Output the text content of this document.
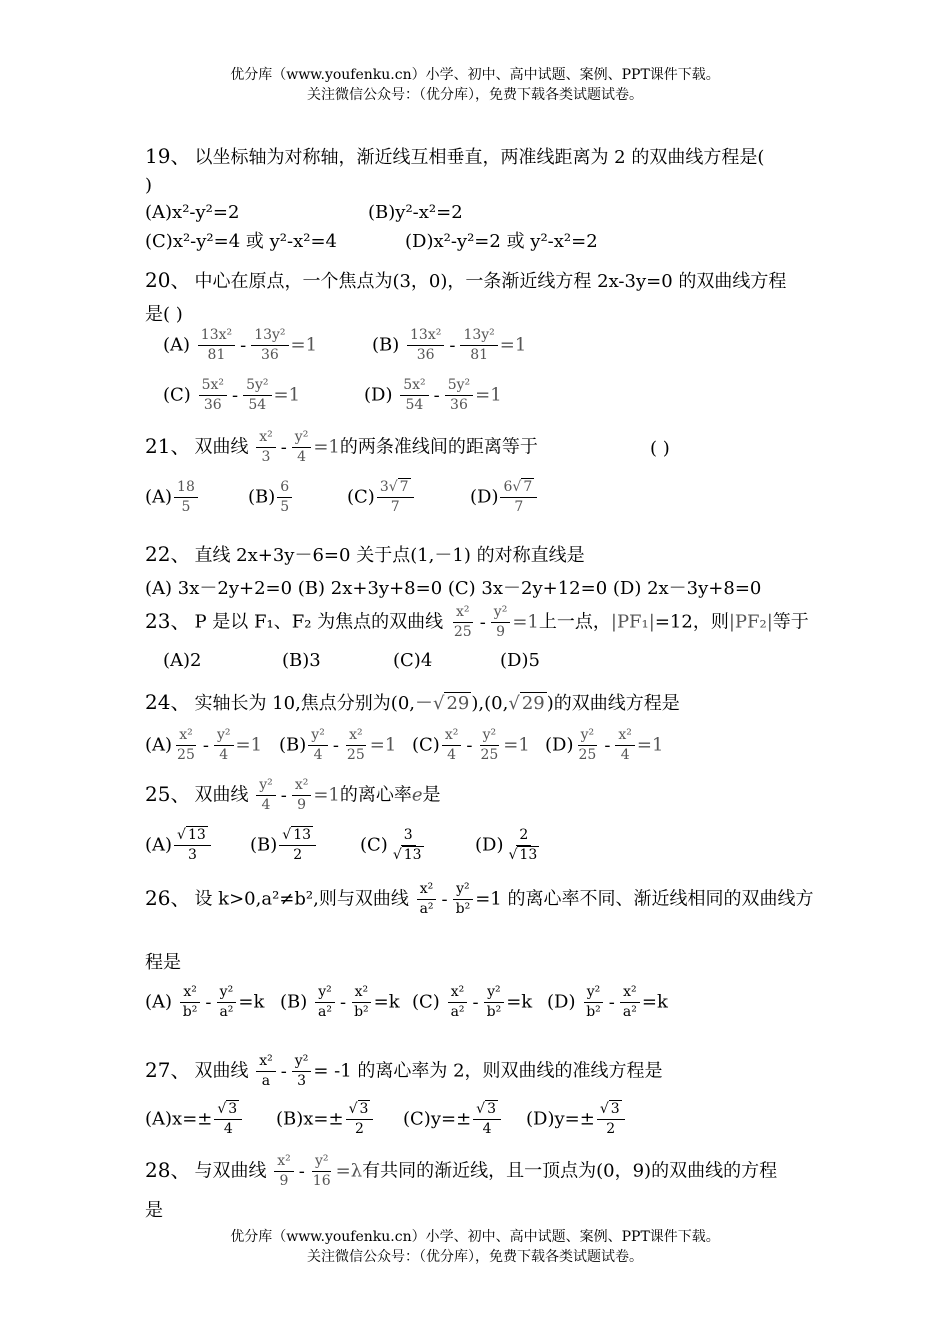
优分库（www.youfenku.cn）小学、初中、高中试题、案例、PPT课件下载。
关注微信公众号：（优分库），免费下载各类试题试卷。
19、 以坐标轴为对称轴，渐近线互相垂直，两准线距离为 2 的双曲线方程是(
)
(A)x²-y²=2	(B)y²-x²=2
(C)x²-y²=4 或 y²-x²=4	(D)x²-y²=2 或 y²-x²=2
20、 中心在原点，一个焦点为(3，0)，一条渐近线方程 2x-3y=0 的双曲线方程
是( )
$(A) \frac{\text{13x²}}{81} - \frac{\text{13y²}}{36} =1$	$(B) \frac{\text{13x²}}{36} - \frac{\text{13y²}}{81} =1$
$(C) \frac{\text{5x²}}{36} - \frac{\text{5y²}}{54} =1$	$(D) \frac{\text{5x²}}{54} - \frac{\text{5y²}}{36} =1$
21、 双曲线 $\frac{\text{x²}}{3} - \frac{\text{y²}}{4} =1$的两条准线间的距离等于	( )
$(A) \frac{18}{5}$	$(B) \frac{6}{5}$	$(C) \frac{3√ 7}{7}$	$(D) \frac{6√ 7}{7}$
22、 直线 2x+3y－6=0 关于点(1,－1) 的对称直线是
(A) 3x－2y+2=0 (B) 2x+3y+8=0 (C) 3x－2y+12=0 (D) 2x－3y+8=0
23、 P 是以 F₁、F₂ 为焦点的双曲线 $\frac{\text{x²}}{25} - \frac{\text{y²}}{9} =1$上一点，|PF₁|=12，则|PF₂|等于
(A)2	(B)3	(C)4	(D)5
24、 实轴长为 10,焦点分别为(0,－√ 29 ),(0,√ 29 )的双曲线方程是
$(A) \frac{\text{x²}}{25} - \frac{\text{y²}}{4} =1$ $(B) \frac{\text{y²}}{4} - \frac{\text{x²}}{25} =1$ $(C) \frac{\text{x²}}{4} - \frac{\text{y²}}{25} =1$ $(D) \frac{\text{y²}}{25} - \frac{\text{x²}}{4} =1$
25、 双曲线 $\frac{\text{y²}}{4} - \frac{\text{x²}}{9} =1$的离心率e是
$(A) \frac{√ 13}{3} (B) \frac{√ 13}{2} (C) \frac{3}{√ 13}$	$(D) \frac{2}{√ 13}$
26、 设 k>0,a²≠b²,则与双曲线 $\frac{\text{x²}}{\text{a²}} - \frac{\text{y²}}{\text{b²}} =1$ 的离心率不同、渐近线相同的双曲线方
程是
$(A) \frac{\text{x²}}{\text{b²}} - \frac{\text{y²}}{\text{a²}} =k$ $(B) \frac{\text{y²}}{\text{a²}} - \frac{\text{x²}}{\text{b²}} =k$ $(C) \frac{\text{x²}}{\text{a²}} - \frac{\text{y²}}{\text{b²}} =k$ $(D) \frac{\text{y²}}{\text{b²}} - \frac{\text{x²}}{\text{a²}} =k$
27、 双曲线 $\frac{\text{x²}}{a} - \frac{\text{y²}}{3} = -1$ 的离心率为 2，则双曲线的准线方程是
$(A)x=\pm \frac{√ 3}{4} (B)x=\pm \frac{√ 3}{2} (C)y=\pm \frac{√ 3}{4} (D)y=\pm \frac{√ 3}{2}$
28、 与双曲线 $\frac{\text{x²}}{9} - \frac{\text{y²}}{16} =\lambda$有共同的渐近线，且一顶点为(0，9)的双曲线的方程
是
优分库（www.youfenku.cn）小学、初中、高中试题、案例、PPT课件下载。
关注微信公众号：（优分库），免费下载各类试题试卷。
